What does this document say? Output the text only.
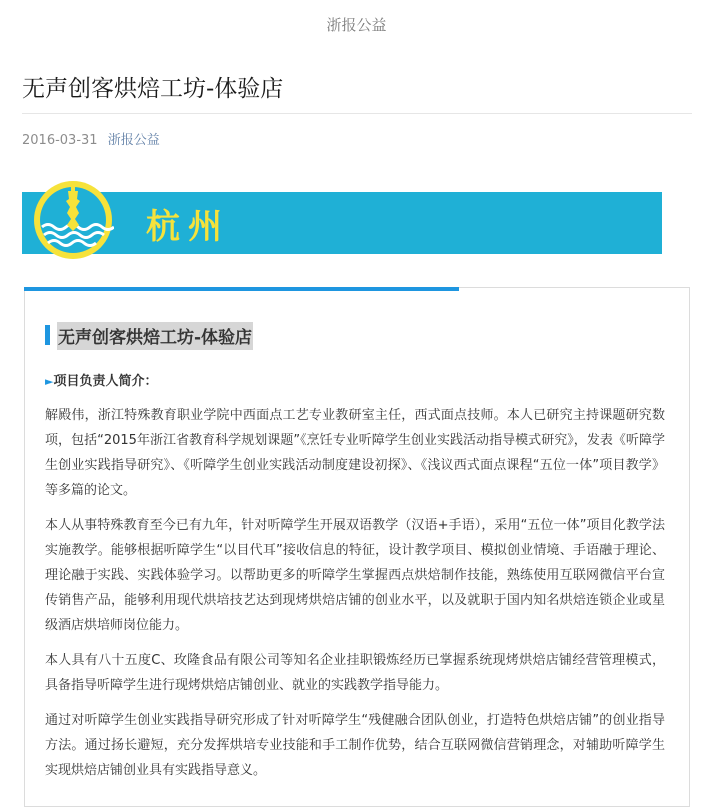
浙报公益
无声创客烘焙工坊-体验店
2016-03-31 浙报公益
杭州
无声创客烘焙工坊-体验店
►项目负责人简介：
解殿伟，浙江特殊教育职业学院中西面点工艺专业教研室主任，西式面点技师。本人已研究主持课题研究数项，包括“2015年浙江省教育科学规划课题”《烹饪专业听障学生创业实践活动指导模式研究》，发表《听障学生创业实践指导研究》、《听障学生创业实践活动制度建设初探》、《浅议西式面点课程“五位一体”项目教学》等多篇的论文。
本人从事特殊教育至今已有九年，针对听障学生开展双语教学（汉语+手语），采用“五位一体”项目化教学法实施教学。能够根据听障学生“以目代耳”接收信息的特征，设计教学项目、模拟创业情境、手语融于理论、理论融于实践、实践体验学习。以帮助更多的听障学生掌握西点烘焙制作技能，熟练使用互联网微信平台宣传销售产品，能够利用现代烘培技艺达到现烤烘焙店铺的创业水平，以及就职于国内知名烘焙连锁企业或星级酒店烘培师岗位能力。
本人具有八十五度C、玫隆食品有限公司等知名企业挂职锻炼经历已掌握系统现烤烘焙店铺经营管理模式，具备指导听障学生进行现烤烘焙店铺创业、就业的实践教学指导能力。
通过对听障学生创业实践指导研究形成了针对听障学生“残健融合团队创业，打造特色烘焙店铺”的创业指导方法。通过扬长避短，充分发挥烘培专业技能和手工制作优势，结合互联网微信营销理念，对辅助听障学生实现烘焙店铺创业具有实践指导意义。
